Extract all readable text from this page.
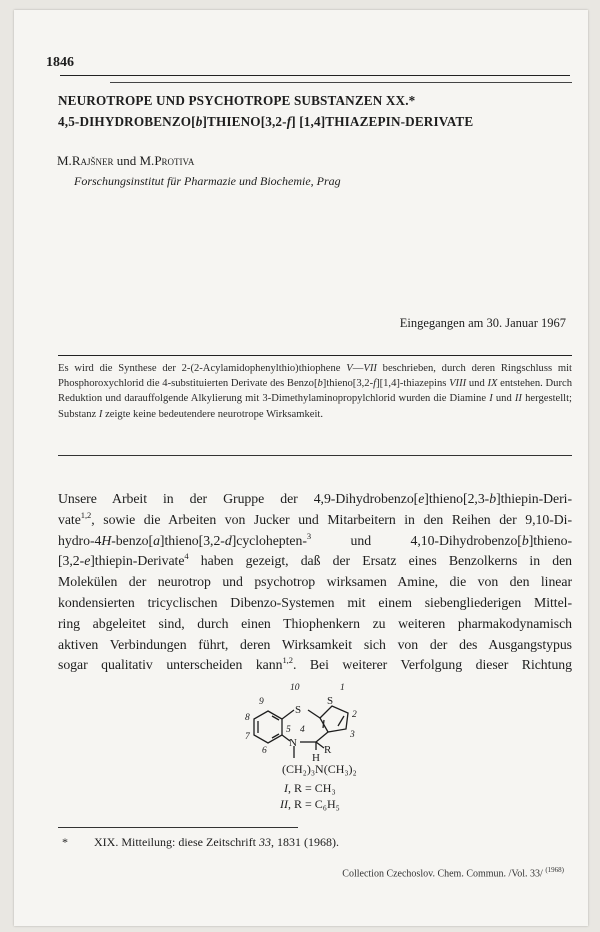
1846
NEUROTROPE UND PSYCHOTROPE SUBSTANZEN XX.*
4,5-DIHYDROBENZO[b]THIENO[3,2-f] [1,4]THIAZEPIN-DERIVATE
M.Rajšner und M.Protiva
Forschungsinstitut für Pharmazie und Biochemie, Prag
Eingegangen am 30. Januar 1967
Es wird die Synthese der 2-(2-Acylamidophenylthio)thiophene V—VII beschrieben, durch deren Ringschluss mit Phosphoroxychlorid die 4-substituierten Derivate des Benzo[b]thieno[3,2-f][1,4]-thiazepins VIII und IX entstehen. Durch Reduktion und darauffolgende Alkylierung mit 3-Dimethylaminopropylchlorid wurden die Diamine I und II hergestellt; Substanz I zeigte keine bedeutendere neurotrope Wirksamkeit.
Unsere Arbeit in der Gruppe der 4,9-Dihydrobenzo[e]thieno[2,3-b]thiepin-Deri-
vate$^{1,2}$, sowie die Arbeiten von Jucker und Mitarbeitern in den Reihen der 9,10-Di-
hydro-4H-benzo[a]thieno[3,2-d]cyclohepten-$^3$ und 4,10-Dihydrobenzo[b]thieno-
[3,2-e]thiepin-Derivate$^4$ haben gezeigt, daß der Ersatz eines Benzolkerns in den
Molekülen der neurotrop und psychotrop wirksamen Amine, die von den linear
kondensierten tricyclischen Dibenzo-Systemen mit einem siebengliederigen Mittel-
ring abgeleitet sind, durch einen Thiophenkern zu weiteren pharmakodynamisch
aktiven Verbindungen führt, deren Wirksamkeit sich von der des Ausgangstypus
sogar qualitativ unterscheiden kann$^{1,2}$. Bei weiterer Verfolgung dieser Richtung
10	1
9
8
7
6
5 4	3
2
S
S
N
H
R
(CH₂)₃N(CH₃)₂
I, R = CH₃
II, R = C₆H₅
* XIX. Mitteilung: diese Zeitschrift 33, 1831 (1968).
Collection Czechoslov. Chem. Commun. /Vol. 33/ $^{(1968)}$
